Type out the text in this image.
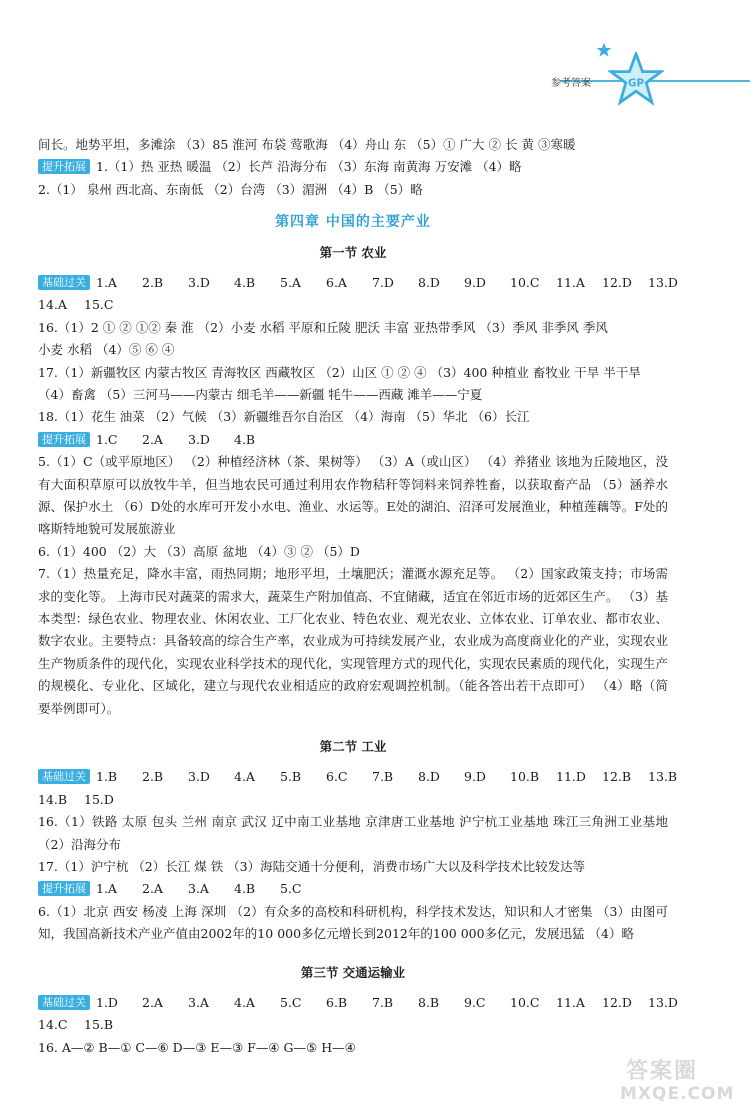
参考答案	GP
间长。地势平坦，多滩涂 （3）85 淮河 布袋 莺歌海 （4）舟山 东 （5）① 广大 ② 长 黄 ③寒暖
提升拓展 1.（1）热 亚热 暖温 （2）长芦 沿海分布 （3）东海 南黄海 万安滩 （4）略
2.（1） 泉州 西北高、东南低 （2）台湾 （3）湄洲 （4）B （5）略
第四章 中国的主要产业
第一节 农业
基础过关 1.A 2.B 3.D 4.B 5.A 6.A 7.D 8.D 9.D 10.C 11.A 12.D 13.D
14.A 15.C
16.（1）2 ① ② ①② 秦 淮 （2）小麦 水稻 平原和丘陵 肥沃 丰富 亚热带季风 （3）季风 非季风 季风
小麦 水稻 （4）⑤ ⑥ ④
17.（1）新疆牧区 内蒙古牧区 青海牧区 西藏牧区 （2）山区 ① ② ④ （3）400 种植业 畜牧业 干旱 半干旱
（4）畜禽 （5）三河马——内蒙古 细毛羊——新疆 牦牛——西藏 滩羊——宁夏
18.（1）花生 油菜 （2）气候 （3）新疆维吾尔自治区 （4）海南 （5）华北 （6）长江
提升拓展 1.C 2.A 3.D 4.B
5.（1）C（或平原地区） （2）种植经济林（茶、果树等） （3）A（或山区） （4）养猪业 该地为丘陵地区，没有大面积草原可以放牧牛羊，但当地农民可通过利用农作物秸秆等饲料来饲养牲畜，以获取畜产品 （5）涵养水源、保护水土 （6）D处的水库可开发小水电、渔业、水运等。E处的湖泊、沼泽可发展渔业，种植莲藕等。F处的喀斯特地貌可发展旅游业
6.（1）400 （2）大 （3）高原 盆地 （4）③ ② （5）D
7.（1）热量充足，降水丰富，雨热同期；地形平坦，土壤肥沃；灌溉水源充足等。 （2）国家政策支持；市场需求的变化等。 上海市民对蔬菜的需求大，蔬菜生产附加值高、不宜储藏，适宜在邻近市场的近郊区生产。 （3）基本类型：绿色农业、物理农业、休闲农业、工厂化农业、特色农业、观光农业、立体农业、订单农业、都市农业、数字农业。主要特点：具备较高的综合生产率，农业成为可持续发展产业，农业成为高度商业化的产业，实现农业生产物质条件的现代化，实现农业科学技术的现代化，实现管理方式的现代化，实现农民素质的现代化，实现生产的规模化、专业化、区域化，建立与现代农业相适应的政府宏观调控机制。（能各答出若干点即可） （4）略（简要举例即可）。
第二节 工业
基础过关 1.B 2.B 3.D 4.A 5.B 6.C 7.B 8.D 9.D 10.B 11.D 12.B 13.B
14.B 15.D
16.（1）铁路 太原 包头 兰州 南京 武汉 辽中南工业基地 京津唐工业基地 沪宁杭工业基地 珠江三角洲工业基地 （2）沿海分布
17.（1）沪宁杭 （2）长江 煤 铁 （3）海陆交通十分便利，消费市场广大以及科学技术比较发达等
提升拓展 1.A 2.A 3.A 4.B 5.C
6.（1）北京 西安 杨凌 上海 深圳 （2）有众多的高校和科研机构，科学技术发达，知识和人才密集 （3）由图可知，我国高新技术产业产值由2002年的10 000多亿元增长到2012年的100 000多亿元，发展迅猛 （4）略
第三节 交通运输业
基础过关 1.D 2.A 3.A 4.A 5.C 6.B 7.B 8.B 9.C 10.C 11.A 12.D 13.D
14.C 15.B
16. A—② B—① C—⑥ D—③ E—③ F—④ G—⑤ H—④
答案圈
MXQE.COM
